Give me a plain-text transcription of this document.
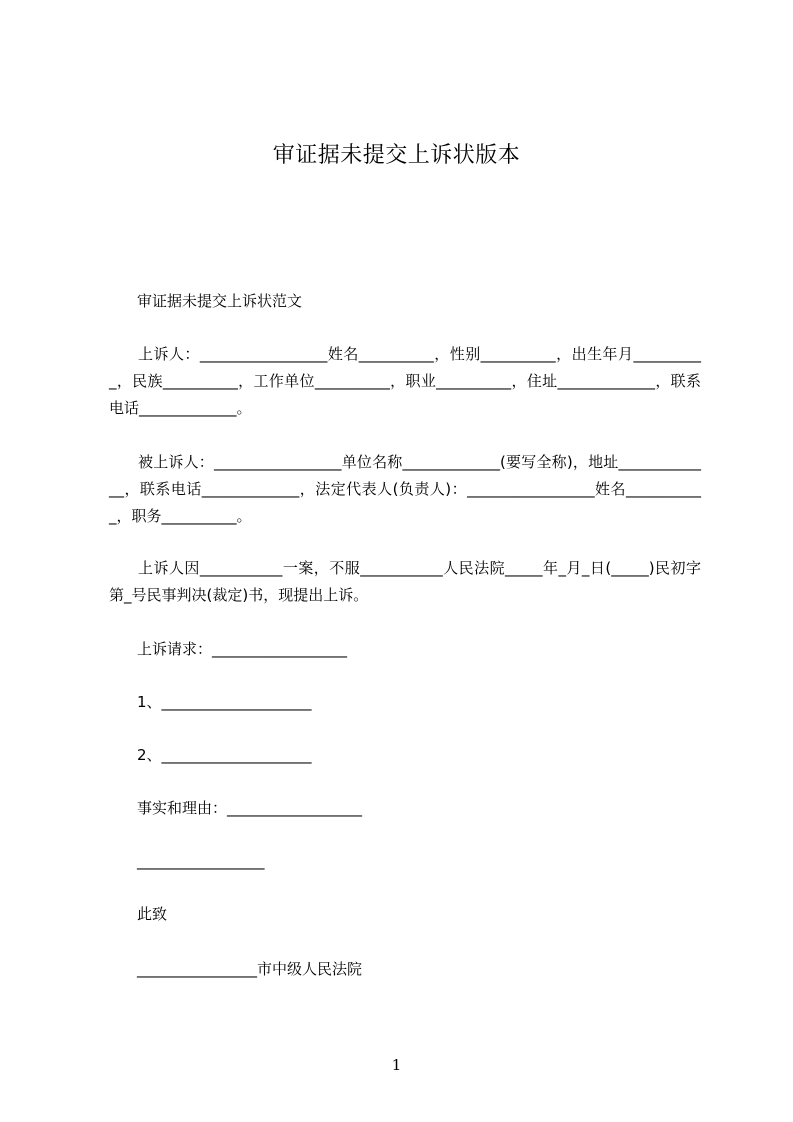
审证据未提交上诉状版本
审证据未提交上诉状范文
上诉人：_________________姓名__________，性别__________，出生年月__________，民族__________，工作单位__________，职业__________，住址_____________，联系电话_____________。
被上诉人：_________________单位名称_____________(要写全称)，地址_____________，联系电话_____________，法定代表人(负责人)：_________________姓名___________，职务__________。
上诉人因___________一案，不服___________人民法院_____年_月_日(_____)民初字第_号民事判决(裁定)书，现提出上诉。
上诉请求：__________________
1、____________________
2、____________________
事实和理由：__________________
_________________
此致
________________市中级人民法院
1
